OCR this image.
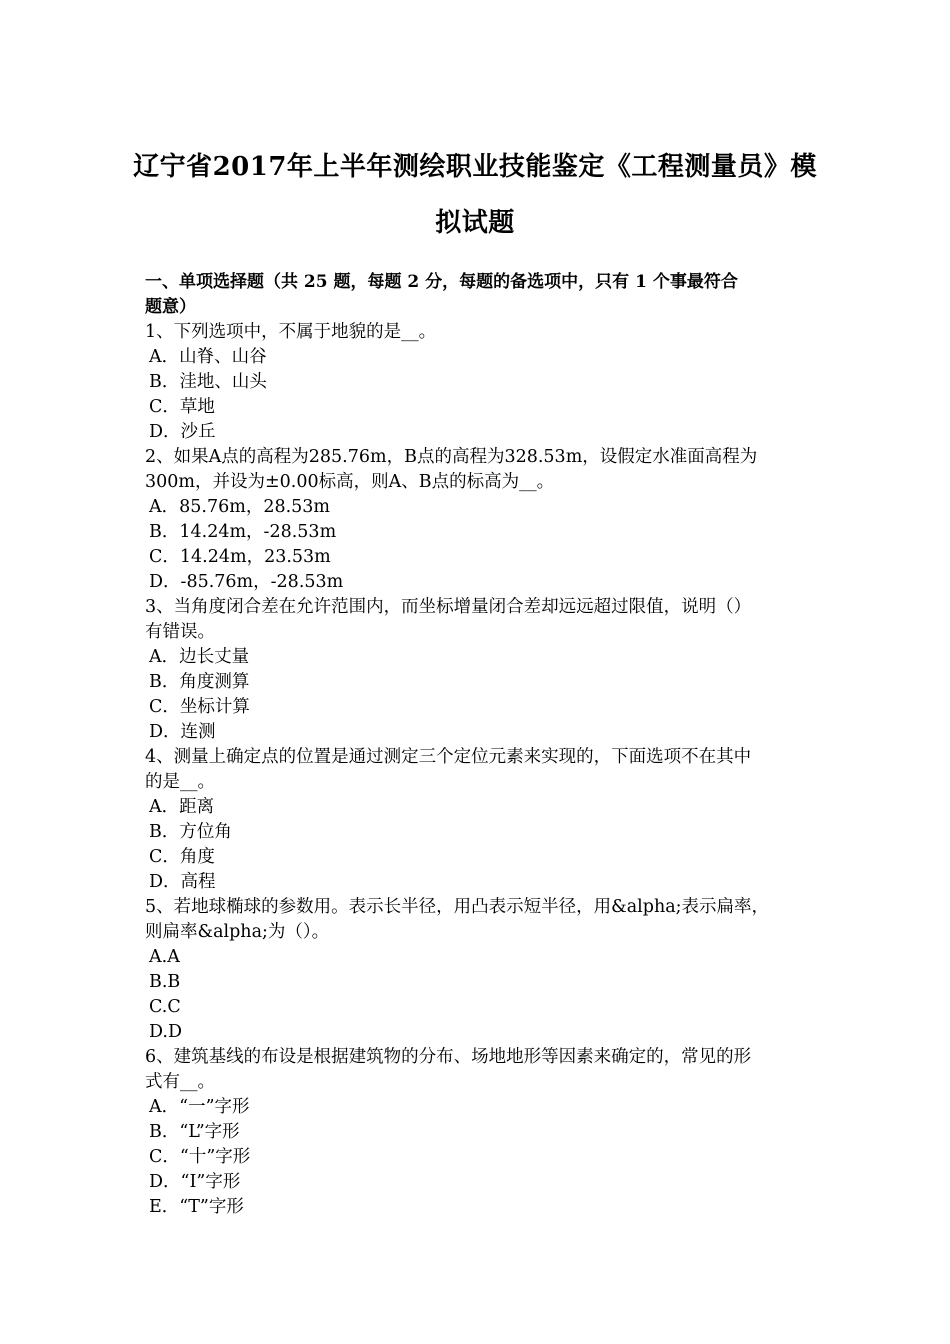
辽宁省2017年上半年测绘职业技能鉴定《工程测量员》模
拟试题

一、单项选择题（共 25 题，每题 2 分，每题的备选项中，只有 1 个事最符合

题意）

1、下列选项中，不属于地貌的是__。

A．山脊、山谷

B．洼地、山头

C．草地

D．沙丘

2、如果A点的高程为285.76m，B点的高程为328.53m，设假定水准面高程为

300m，并设为±0.00标高，则A、B点的标高为__。

A．85.76m，28.53m

B．14.24m，-28.53m

C．14.24m，23.53m

D．-85.76m，-28.53m

3、当角度闭合差在允许范围内，而坐标增量闭合差却远远超过限值，说明（）

有错误。

A．边长丈量

B．角度测算

C．坐标计算

D．连测

4、测量上确定点的位置是通过测定三个定位元素来实现的，下面选项不在其中

的是__。

A．距离

B．方位角

C．角度

D．高程

5、若地球椭球的参数用。表示长半径，用凸表示短半径，用&alpha;表示扁率，

则扁率&alpha;为（）。

A.A

B.B

C.C

D.D

6、建筑基线的布设是根据建筑物的分布、场地地形等因素来确定的，常见的形

式有__。

A．“一”字形

B．“L”字形

C．“十”字形

D．“I”字形

E．“T”字形
